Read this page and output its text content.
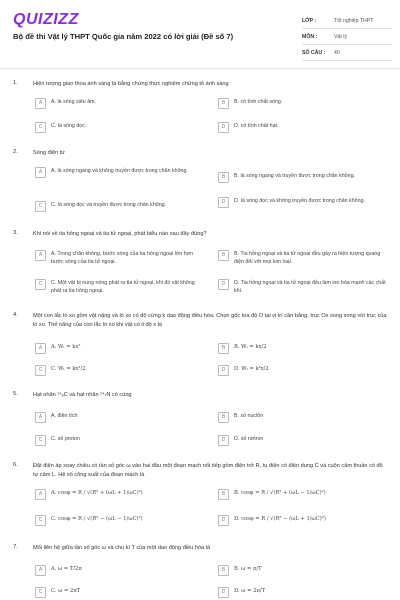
QUIZIZZ
Bộ đề thi Vật lý THPT Quốc gia năm 2022 có lời giải (Đề số 7)
LỚP :	Tốt nghiệp THPT
MÔN :	Vật lý
SỐ CÂU :	40
1.	Hiện tượng giao thoa ánh sáng là bằng chứng thực nghiệm chứng tỏ ánh sáng
A	A. là sóng siêu âm.	B	B. có tính chất sóng.
C	C. là sóng dọc.	D	D. có tính chất hạt.
2.	Sóng điện từ
A	A. là sóng ngang và không truyền được trong chân không.
B	B. là sóng ngang và truyền được trong chân không.
C	C. là sóng dọc và truyền được trong chân không.	D	D. là sóng dọc và không truyền được trong chân không.
3.	Khi nói về tia hồng ngoại và tia tử ngoại, phát biểu nào sau đây đúng?
A	A. Trong chân không, bước sóng của tia hồng ngoại lớn hơn bước sóng của tia tử ngoại.
B	B. Tia hồng ngoại và tia tử ngoại đều gây ra hiện tượng quang điện đối với mọi kim loại.
C	C. Một vật bị nung nóng phát ra tia tử ngoại, khi đó vật không phát ra tia hồng ngoại.
D	D. Tia hồng ngoại và tia tử ngoại đều làm ion hóa mạnh các chất khí.
4.	Một con lắc lò xo gồm vật nặng và lò xo có độ cứng k dao động điều hòa. Chọn gốc tọa độ O tại vị trí cân bằng, trục Ox song song với trục của lò xo. Thế năng của con lắc lò xo khi vật có li độ x là
A	A. Wₜ = kx²	B	B. Wₜ = kx/2
C	C. Wₜ = kx²/2	D	D. Wₜ = k²x/2
5.	Hạt nhân ¹⁴₆C và hạt nhân ¹⁴₇N có cùng
A	A. điện tích	B	B. số nuclôn
C	C. số proton	D	D. số nơtron
6.	Đặt điện áp xoay chiều có tần số góc ω vào hai đầu một đoạn mạch nối tiếp gồm điện trở R, tụ điện có điện dung C và cuộn cảm thuần có độ tự cảm L. Hệ số công suất của đoạn mạch là
A	A. cosφ = R / √(R² + (ωL + 1/ωC)²)	B	B. cosφ = R / √(R² + (ωL − 1/ωC)²)
C	C. cosφ = R / √(R² − (ωL − 1/ωC)²)	D	D. cosφ = R / √(R² − (ωL + 1/ωC)²)
7.	Mối liên hệ giữa tần số góc ω và chu kì T của một dao động điều hòa là
A	A. ω = T/2π	B	B. ω = π/T
C	C. ω = 2πT	D	D. ω = 2π/T
